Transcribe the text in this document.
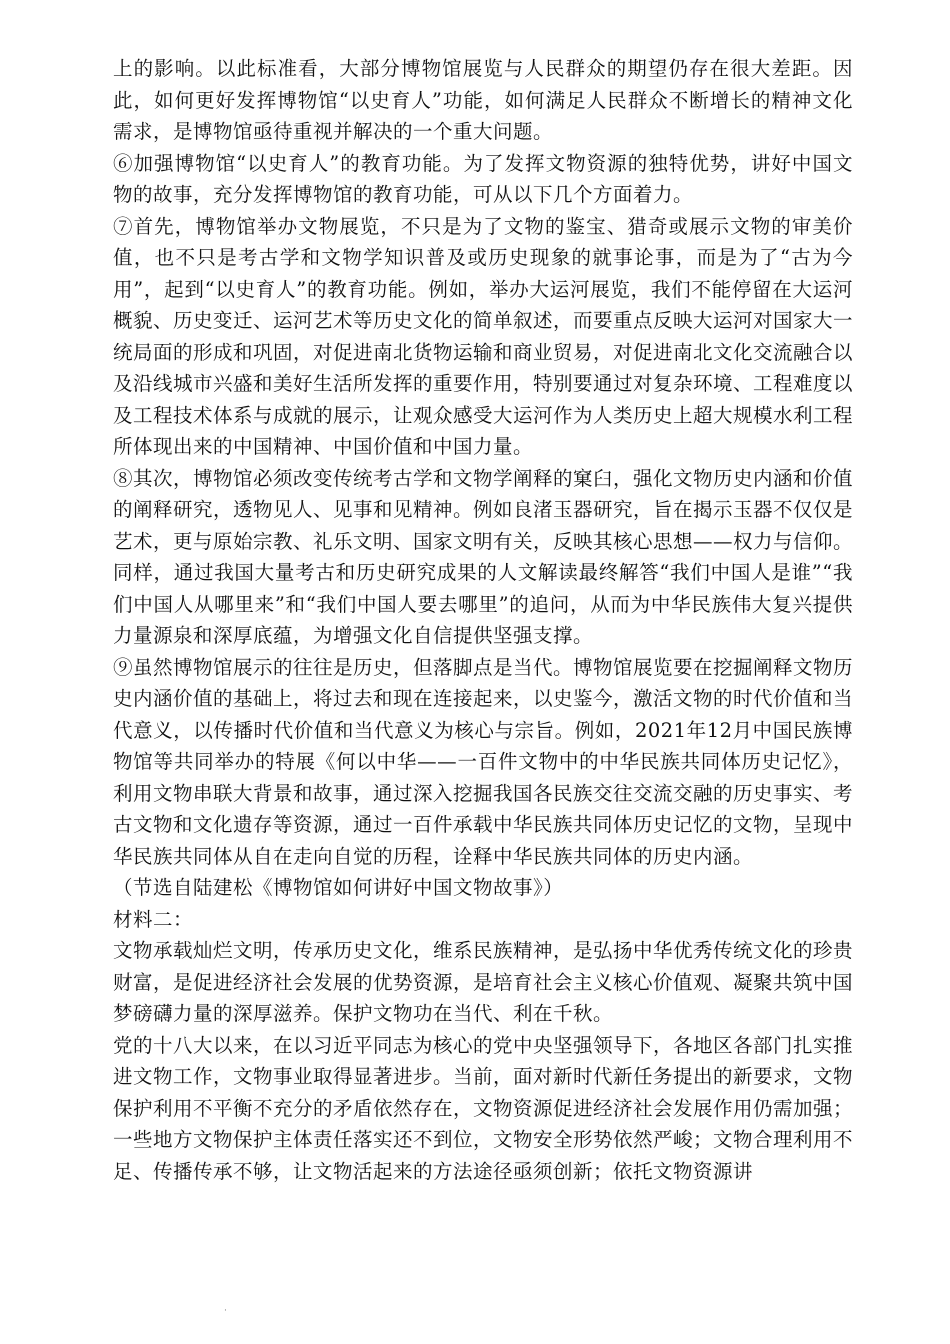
上的影响。以此标准看，大部分博物馆展览与人民群众的期望仍存在很大差距。因此，如何更好发挥博物馆“以史育人”功能，如何满足人民群众不断增长的精神文化需求，是博物馆亟待重视并解决的一个重大问题。

⑥加强博物馆“以史育人”的教育功能。为了发挥文物资源的独特优势，讲好中国文物的故事，充分发挥博物馆的教育功能，可从以下几个方面着力。

⑦首先，博物馆举办文物展览，不只是为了文物的鉴宝、猎奇或展示文物的审美价值，也不只是考古学和文物学知识普及或历史现象的就事论事，而是为了“古为今用”，起到“以史育人”的教育功能。例如，举办大运河展览，我们不能停留在大运河概貌、历史变迁、运河艺术等历史文化的简单叙述，而要重点反映大运河对国家大一统局面的形成和巩固，对促进南北货物运输和商业贸易，对促进南北文化交流融合以及沿线城市兴盛和美好生活所发挥的重要作用，特别要通过对复杂环境、工程难度以及工程技术体系与成就的展示，让观众感受大运河作为人类历史上超大规模水利工程所体现出来的中国精神、中国价值和中国力量。

⑧其次，博物馆必须改变传统考古学和文物学阐释的窠臼，强化文物历史内涵和价值的阐释研究，透物见人、见事和见精神。例如良渚玉器研究，旨在揭示玉器不仅仅是艺术，更与原始宗教、礼乐文明、国家文明有关，反映其核心思想——权力与信仰。同样，通过我国大量考古和历史研究成果的人文解读最终解答“我们中国人是谁”“我们中国人从哪里来”和“我们中国人要去哪里”的追问，从而为中华民族伟大复兴提供力量源泉和深厚底蕴，为增强文化自信提供坚强支撑。

⑨虽然博物馆展示的往往是历史，但落脚点是当代。博物馆展览要在挖掘阐释文物历史内涵价值的基础上，将过去和现在连接起来，以史鉴今，激活文物的时代价值和当代意义，以传播时代价值和当代意义为核心与宗旨。例如，2021年12月中国民族博物馆等共同举办的特展《何以中华——一百件文物中的中华民族共同体历史记忆》，利用文物串联大背景和故事，通过深入挖掘我国各民族交往交流交融的历史事实、考古文物和文化遗存等资源，通过一百件承载中华民族共同体历史记忆的文物，呈现中华民族共同体从自在走向自觉的历程，诠释中华民族共同体的历史内涵。

（节选自陆建松《博物馆如何讲好中国文物故事》）

材料二：

文物承载灿烂文明，传承历史文化，维系民族精神，是弘扬中华优秀传统文化的珍贵财富，是促进经济社会发展的优势资源，是培育社会主义核心价值观、凝聚共筑中国梦磅礴力量的深厚滋养。保护文物功在当代、利在千秋。

党的十八大以来，在以习近平同志为核心的党中央坚强领导下，各地区各部门扎实推进文物工作，文物事业取得显著进步。当前，面对新时代新任务提出的新要求，文物保护利用不平衡不充分的矛盾依然存在，文物资源促进经济社会发展作用仍需加强；一些地方文物保护主体责任落实还不到位，文物安全形势依然严峻；文物合理利用不足、传播传承不够，让文物活起来的方法途径亟须创新；依托文物资源讲

·
